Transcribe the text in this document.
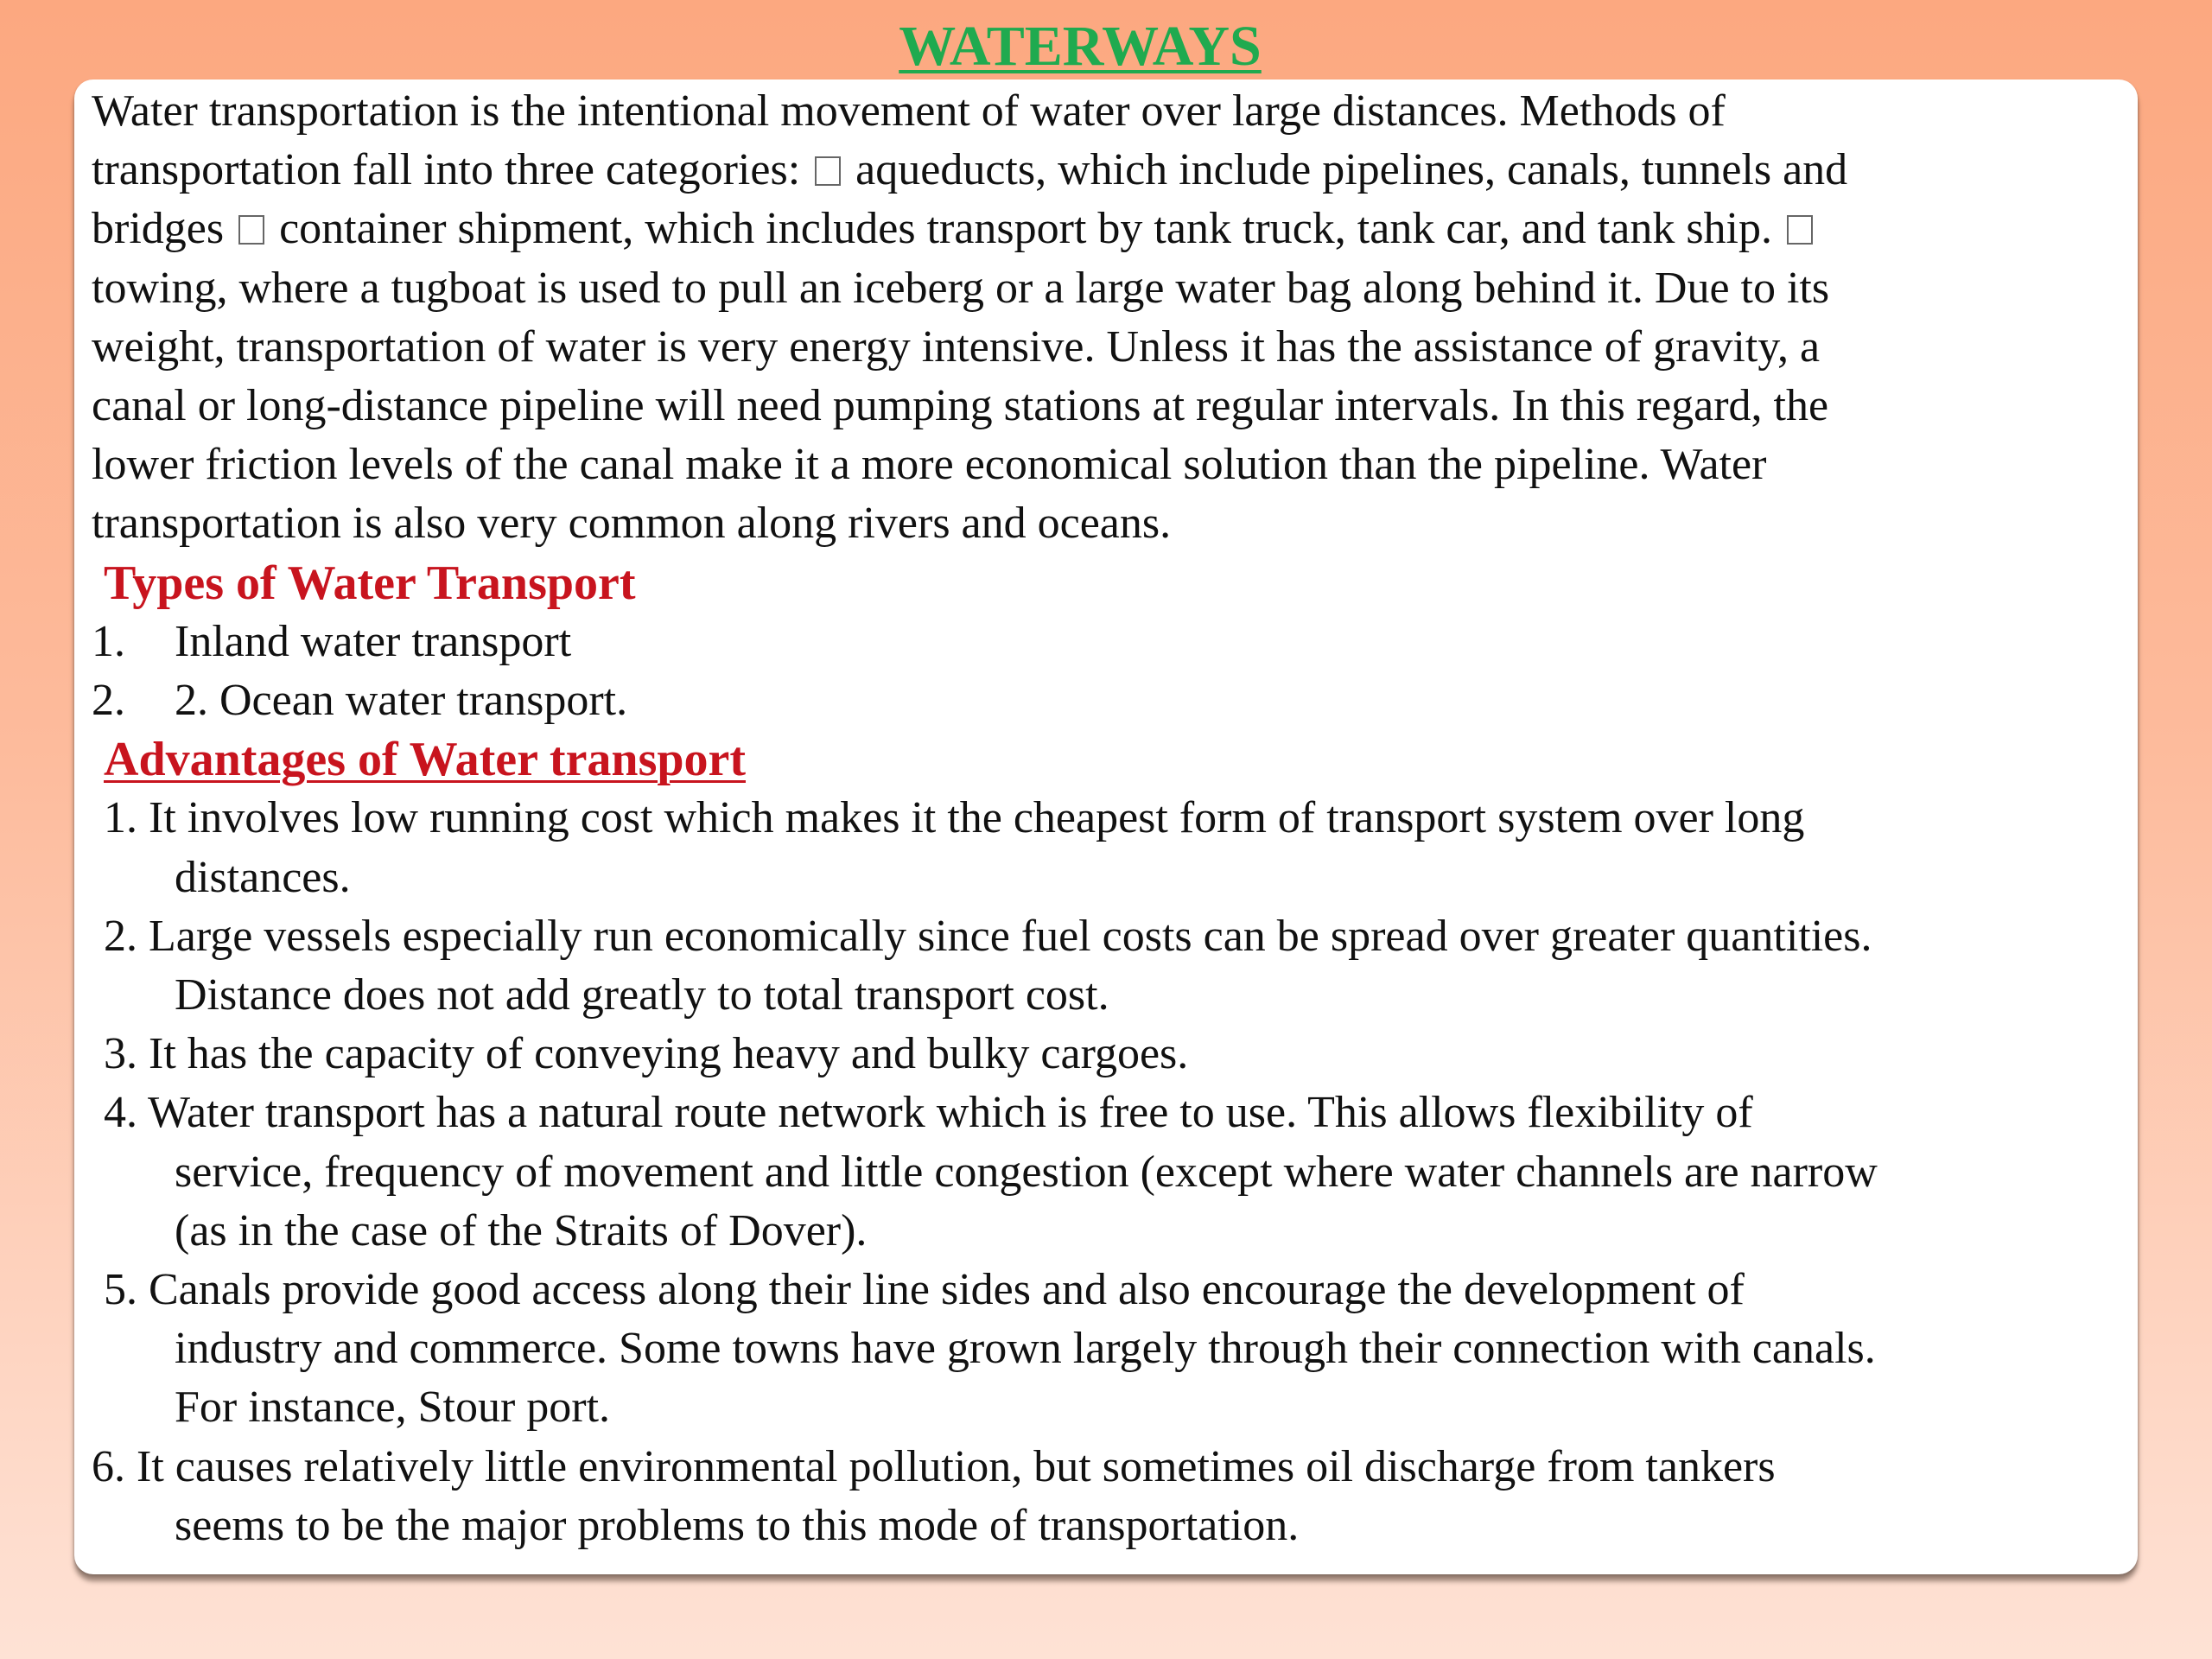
WATERWAYS
Water transportation is the intentional movement of water over large distances. Methods of
transportation fall into three categories:  aqueducts, which include pipelines, canals, tunnels and
bridges  container shipment, which includes transport by tank truck, tank car, and tank ship.
towing, where a tugboat is used to pull an iceberg or a large water bag along behind it. Due to its
weight, transportation of water is very energy intensive. Unless it has the assistance of gravity, a
canal or long-distance pipeline will need pumping stations at regular intervals. In this regard, the
lower friction levels of the canal make it a more economical solution than the pipeline. Water
transportation is also very common along rivers and oceans.
Types of Water Transport
1.	Inland water transport
2.	2. Ocean water transport.
Advantages of Water transport
1. It involves low running cost which makes it the cheapest form of transport system over long
distances.
2. Large vessels especially run economically since fuel costs can be spread over greater quantities.
Distance does not add greatly to total transport cost.
3. It has the capacity of conveying heavy and bulky cargoes.
4. Water transport has a natural route network which is free to use. This allows flexibility of
service, frequency of movement and little congestion (except where water channels are narrow
(as in the case of the Straits of Dover).
5. Canals provide good access along their line sides and also encourage the development of
industry and commerce. Some towns have grown largely through their connection with canals.
For instance, Stour port.
6. It causes relatively little environmental pollution, but sometimes oil discharge from tankers
seems to be the major problems to this mode of transportation.
